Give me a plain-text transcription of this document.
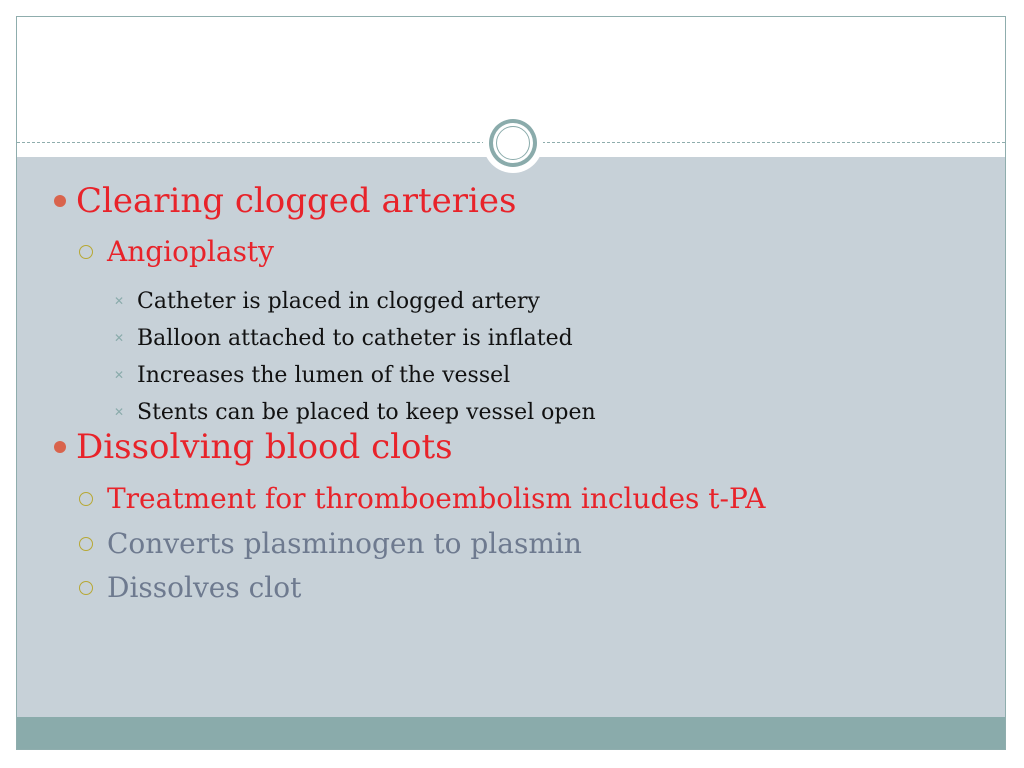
Clearing clogged arteries
Angioplasty
✕ Catheter is placed in clogged artery
✕ Balloon attached to catheter is inflated
✕ Increases the lumen of the vessel
✕ Stents can be placed to keep vessel open
Dissolving blood clots
Treatment for thromboembolism includes t-PA
Converts plasminogen to plasmin
Dissolves clot
